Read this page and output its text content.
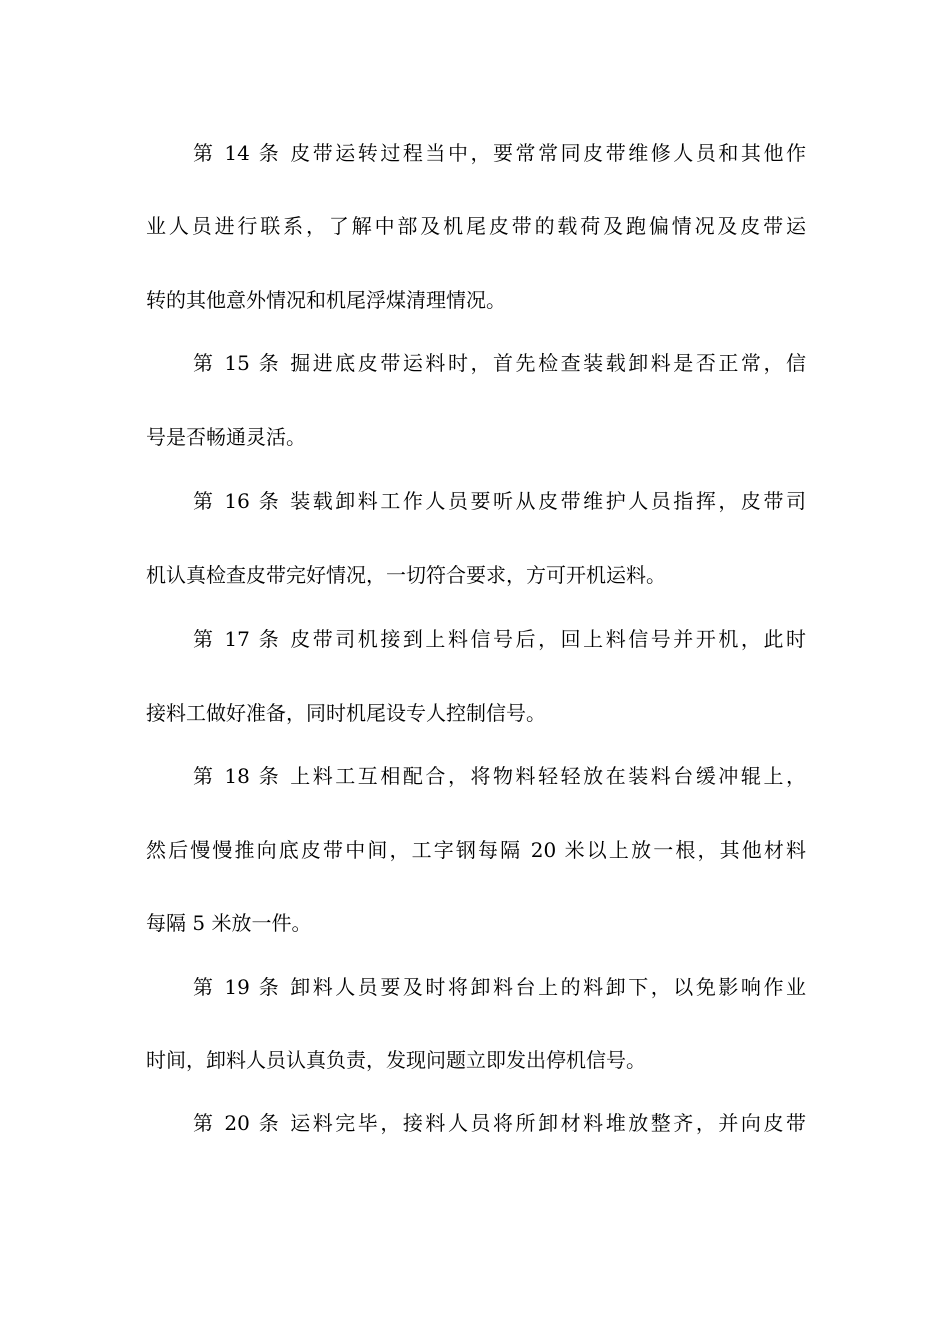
第 14 条 皮带运转过程当中，要常常同皮带维修人员和其他作
业人员进行联系，了解中部及机尾皮带的载荷及跑偏情况及皮带运
转的其他意外情况和机尾浮煤清理情况。
第 15 条 掘进底皮带运料时，首先检查装载卸料是否正常，信
号是否畅通灵活。
第 16 条 装载卸料工作人员要听从皮带维护人员指挥，皮带司
机认真检查皮带完好情况，一切符合要求，方可开机运料。
第 17 条 皮带司机接到上料信号后，回上料信号并开机，此时
接料工做好准备，同时机尾设专人控制信号。
第 18 条 上料工互相配合，将物料轻轻放在装料台缓冲辊上，
然后慢慢推向底皮带中间，工字钢每隔 20 米以上放一根，其他材料
每隔 5 米放一件。
第 19 条 卸料人员要及时将卸料台上的料卸下，以免影响作业
时间，卸料人员认真负责，发现问题立即发出停机信号。
第 20 条 运料完毕，接料人员将所卸材料堆放整齐，并向皮带
